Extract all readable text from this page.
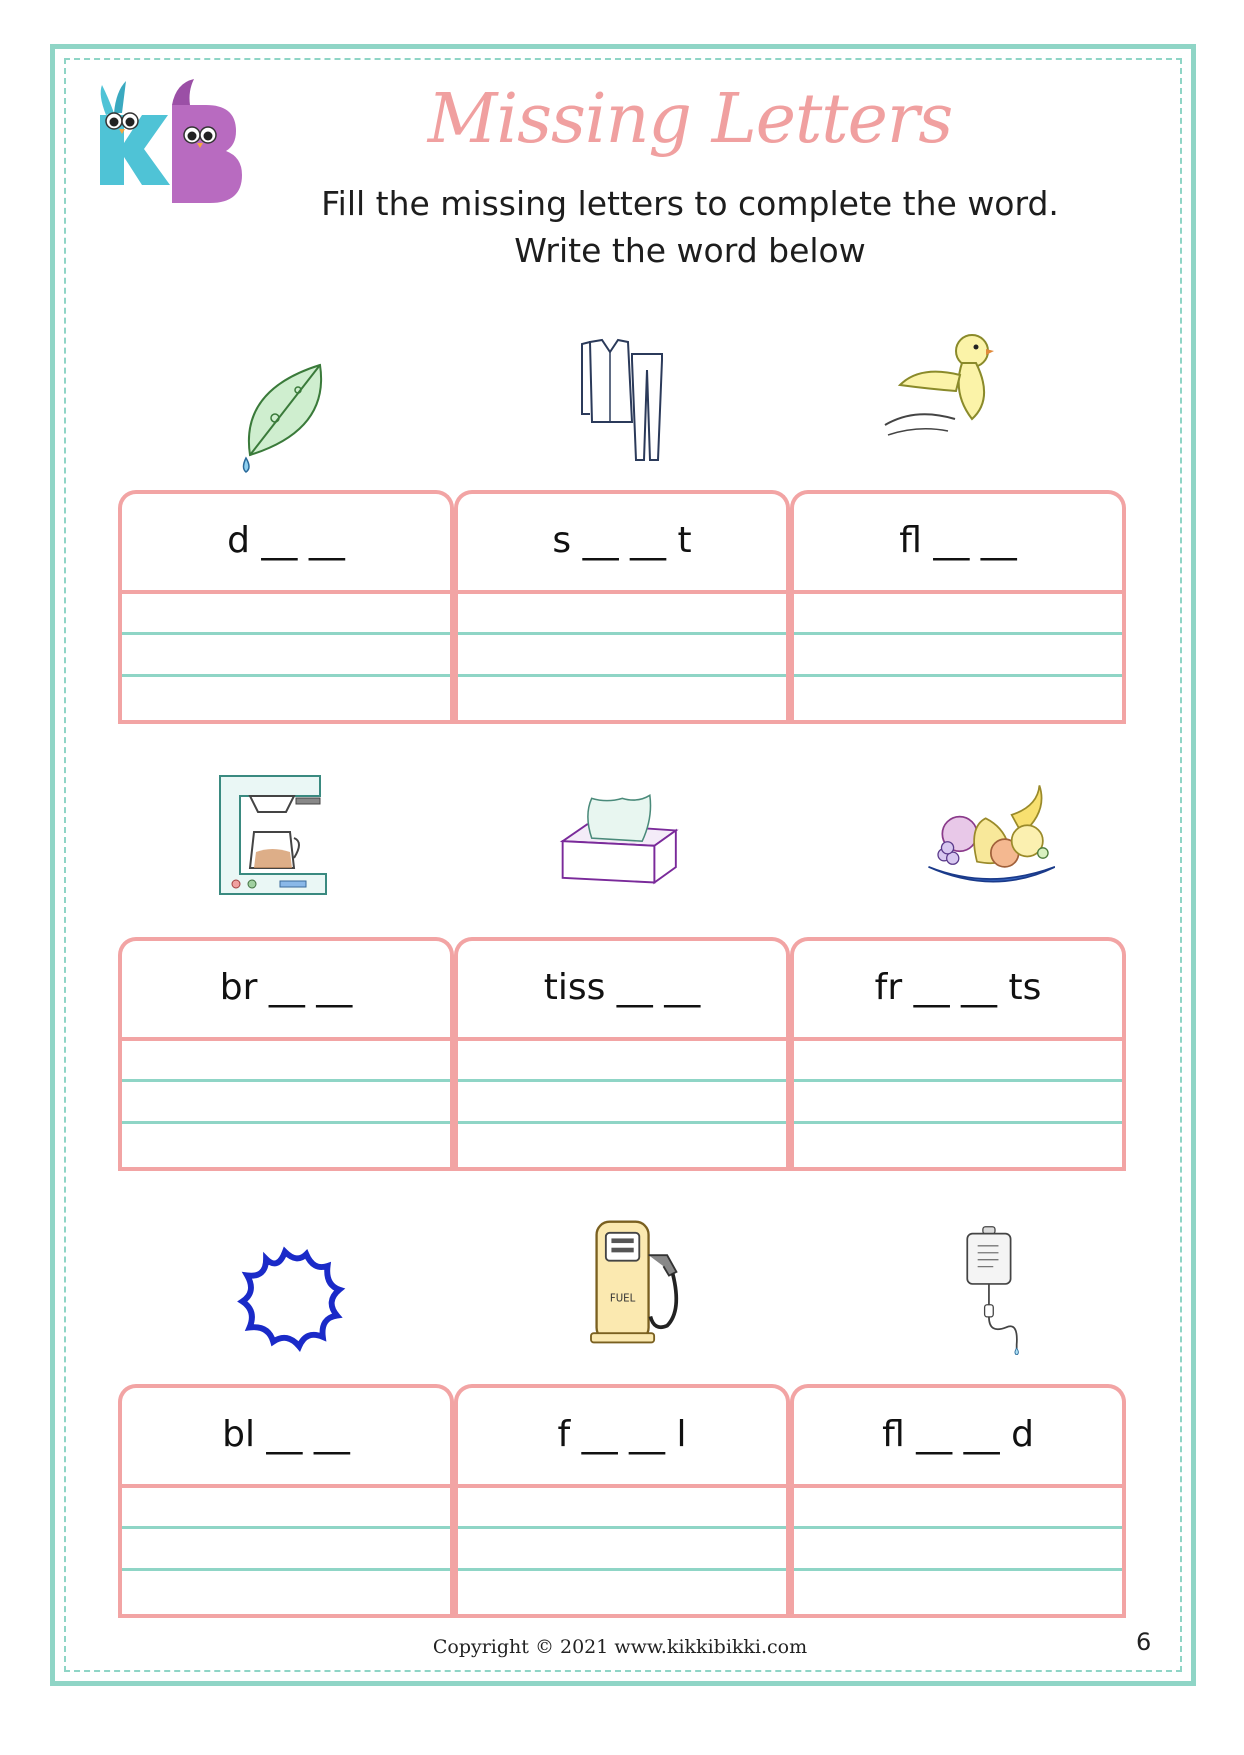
Missing Letters

Fill the missing letters to complete the word.

Write the word below

d __ __	s __ __ t	fl __ __
br __ __	tiss __ __	fr __ __ ts
FUEL
bl __ __	f __ __ l	fl __ __ d
Copyright © 2021 www.kikkibikki.com	6
